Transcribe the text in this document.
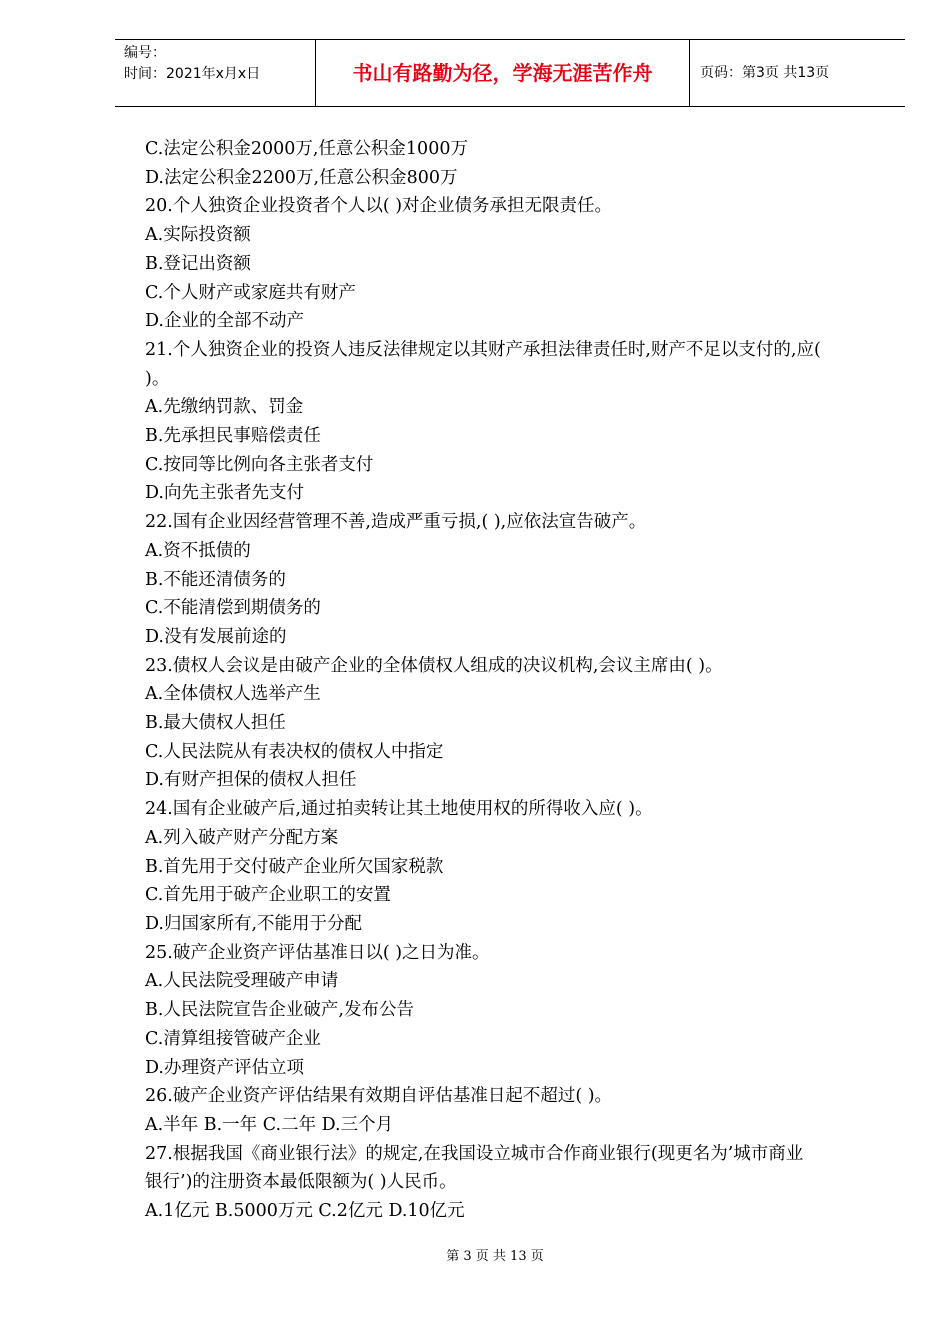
编号：
时间：2021年x月x日	书山有路勤为径，学海无涯苦作舟	页码：第3页 共13页
C.法定公积金2000万,任意公积金1000万
D.法定公积金2200万,任意公积金800万
20.个人独资企业投资者个人以( )对企业债务承担无限责任。
A.实际投资额
B.登记出资额
C.个人财产或家庭共有财产
D.企业的全部不动产
21.个人独资企业的投资人违反法律规定以其财产承担法律责任时,财产不足以支付的,应(
)。
A.先缴纳罚款、罚金
B.先承担民事赔偿责任
C.按同等比例向各主张者支付
D.向先主张者先支付
22.国有企业因经营管理不善,造成严重亏损,( ),应依法宣告破产。
A.资不抵债的
B.不能还清债务的
C.不能清偿到期债务的
D.没有发展前途的
23.债权人会议是由破产企业的全体债权人组成的决议机构,会议主席由( )。
A.全体债权人选举产生
B.最大债权人担任
C.人民法院从有表决权的债权人中指定
D.有财产担保的债权人担任
24.国有企业破产后,通过拍卖转让其土地使用权的所得收入应( )。
A.列入破产财产分配方案
B.首先用于交付破产企业所欠国家税款
C.首先用于破产企业职工的安置
D.归国家所有,不能用于分配
25.破产企业资产评估基准日以( )之日为准。
A.人民法院受理破产申请
B.人民法院宣告企业破产,发布公告
C.清算组接管破产企业
D.办理资产评估立项
26.破产企业资产评估结果有效期自评估基准日起不超过( )。
A.半年 B.一年 C.二年 D.三个月
27.根据我国《商业银行法》的规定,在我国设立城市合作商业银行(现更名为’城市商业
银行’)的注册资本最低限额为( )人民币。
A.1亿元 B.5000万元 C.2亿元 D.10亿元
第 3 页 共 13 页
